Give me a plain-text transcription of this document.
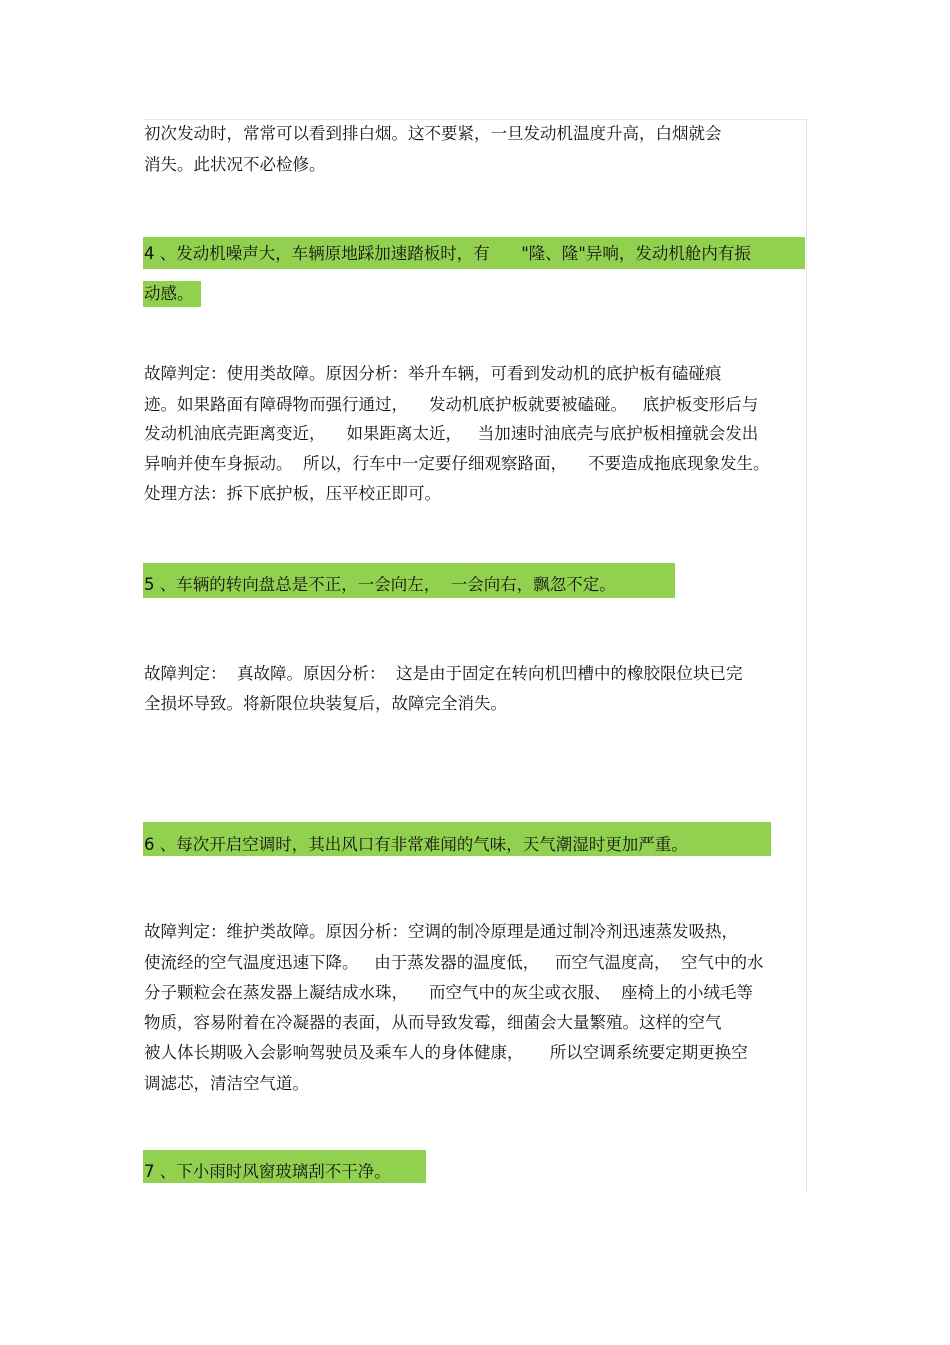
初次发动时，常常可以看到排白烟。这不要紧，一旦发动机温度升高，白烟就会
消失。此状况不必检修。
4 、发动机噪声大，车辆原地踩加速踏板时，有      "隆、隆"异响，发动机舱内有振
动感。
故障判定：使用类故障。原因分析：举升车辆，可看到发动机的底护板有磕碰痕
迹。如果路面有障碍物而强行通过，    发动机底护板就要被磕碰。   底护板变形后与
发动机油底壳距离变近，    如果距离太近，   当加速时油底壳与底护板相撞就会发出
异响并使车身振动。  所以，行车中一定要仔细观察路面，    不要造成拖底现象发生。
处理方法：拆下底护板，压平校正即可。
5 、车辆的转向盘总是不正，一会向左，  一会向右，飘忽不定。
故障判定：  真故障。原因分析：  这是由于固定在转向机凹槽中的橡胶限位块已完
全损坏导致。将新限位块装复后，故障完全消失。
6 、每次开启空调时，其出风口有非常难闻的气味，天气潮湿时更加严重。
故障判定：维护类故障。原因分析：空调的制冷原理是通过制冷剂迅速蒸发吸热，
使流经的空气温度迅速下降。   由于蒸发器的温度低，   而空气温度高，  空气中的水
分子颗粒会在蒸发器上凝结成水珠，    而空气中的灰尘或衣服、  座椅上的小绒毛等
物质，容易附着在冷凝器的表面，从而导致发霉，细菌会大量繁殖。这样的空气
被人体长期吸入会影响驾驶员及乘车人的身体健康，     所以空调系统要定期更换空
调滤芯，清洁空气道。
7 、下小雨时风窗玻璃刮不干净。
